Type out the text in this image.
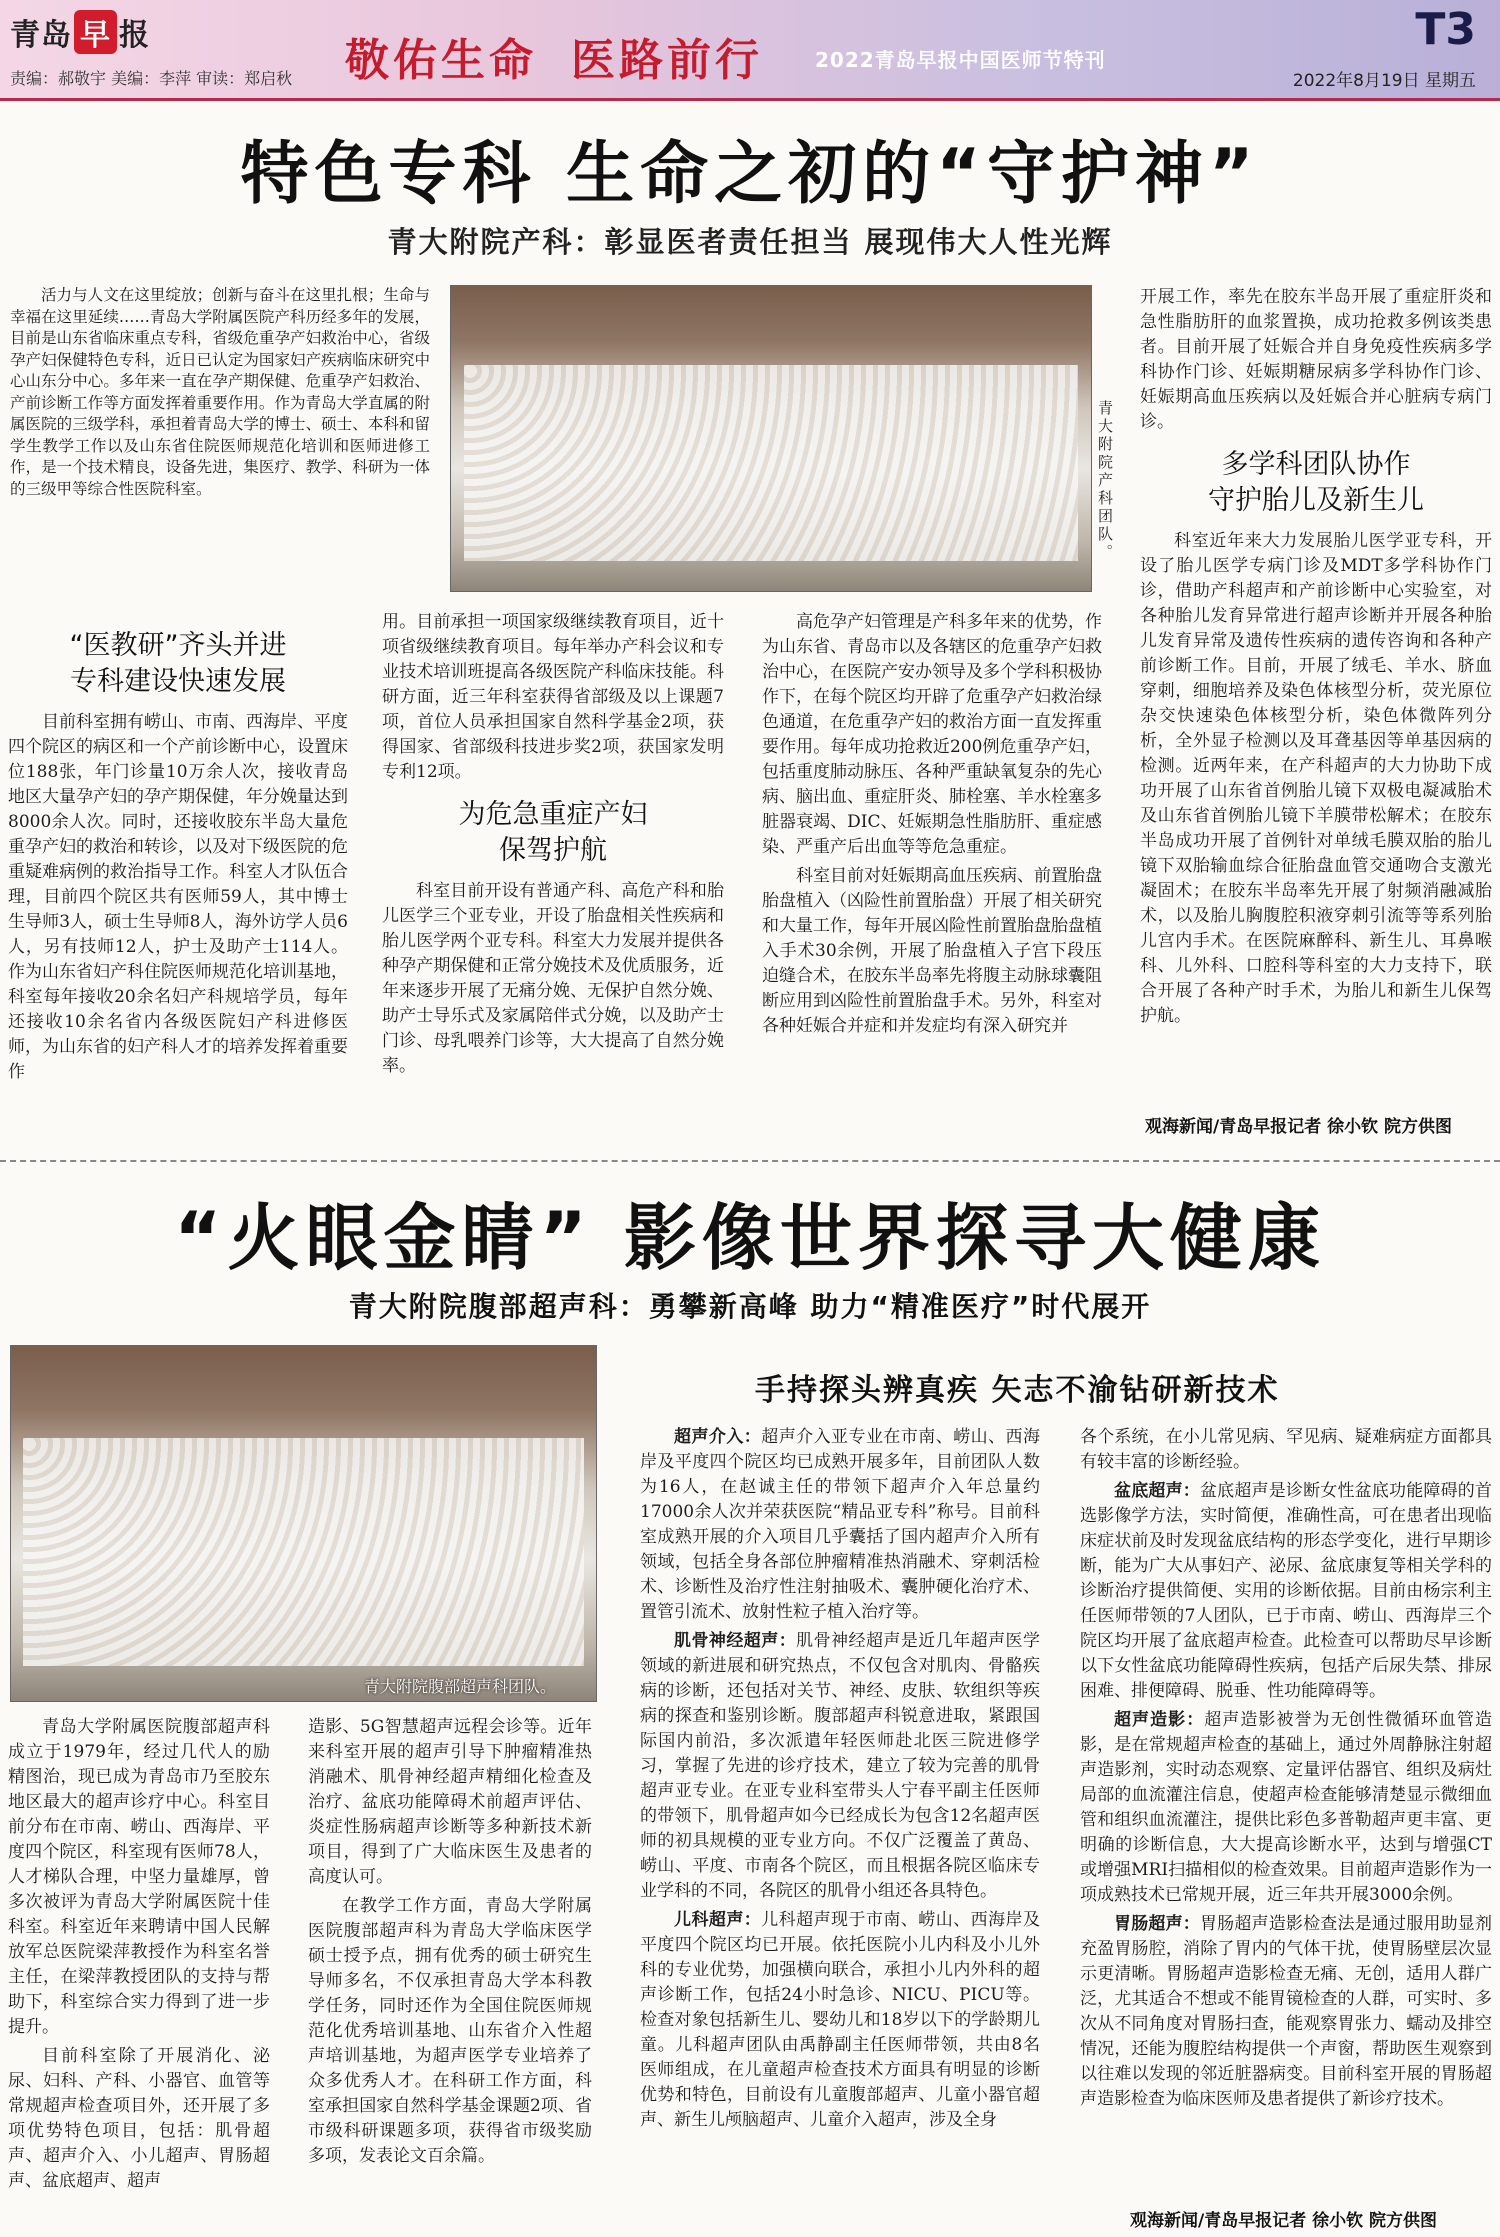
青岛 早 报
责编：郝敬宇 美编：李萍 审读：郑启秋 敬佑生命 医路前行	2022青岛早报中国医师节特刊
T3
2022年8月19日 星期五
特色专科 生命之初的“守护神”
青大附院产科：彰显医者责任担当 展现伟大人性光辉

活力与人文在这里绽放；创新与奋斗在这里扎根；生命与幸福在这里延续……青岛大学附属医院产科历经多年的发展，目前是山东省临床重点专科，省级危重孕产妇救治中心，省级孕产妇保健特色专科，近日已认定为国家妇产疾病临床研究中心山东分中心。多年来一直在孕产期保健、危重孕产妇救治、产前诊断工作等方面发挥着重要作用。作为青岛大学直属的附属医院的三级学科，承担着青岛大学的博士、硕士、本科和留学生教学工作以及山东省住院医师规范化培训和医师进修工作，是一个技术精良，设备先进，集医疗、教学、科研为一体的三级甲等综合性医院科室。	青大附院产科团队。
“医教研”齐头并进
专科建设快速发展

目前科室拥有崂山、市南、西海岸、平度四个院区的病区和一个产前诊断中心，设置床位188张，年门诊量10万余人次，接收青岛地区大量孕产妇的孕产期保健，年分娩量达到8000余人次。同时，还接收胶东半岛大量危重孕产妇的救治和转诊，以及对下级医院的危重疑难病例的救治指导工作。科室人才队伍合理，目前四个院区共有医师59人，其中博士生导师3人，硕士生导师8人，海外访学人员6人，另有技师12人，护士及助产士114人。作为山东省妇产科住院医师规范化培训基地，科室每年接收20余名妇产科规培学员，每年还接收10余名省内各级医院妇产科进修医师，为山东省的妇产科人才的培养发挥着重要作

用。目前承担一项国家级继续教育项目，近十项省级继续教育项目。每年举办产科会议和专业技术培训班提高各级医院产科临床技能。科研方面，近三年科室获得省部级及以上课题7项，首位人员承担国家自然科学基金2项，获得国家、省部级科技进步奖2项，获国家发明专利12项。

为危急重症产妇
保驾护航

科室目前开设有普通产科、高危产科和胎儿医学三个亚专业，开设了胎盘相关性疾病和胎儿医学两个亚专科。科室大力发展并提供各种孕产期保健和正常分娩技术及优质服务，近年来逐步开展了无痛分娩、无保护自然分娩、助产士导乐式及家属陪伴式分娩，以及助产士门诊、母乳喂养门诊等，大大提高了自然分娩率。

高危孕产妇管理是产科多年来的优势，作为山东省、青岛市以及各辖区的危重孕产妇救治中心，在医院产安办领导及多个学科积极协作下，在每个院区均开辟了危重孕产妇救治绿色通道，在危重孕产妇的救治方面一直发挥重要作用。每年成功抢救近200例危重孕产妇，包括重度肺动脉压、各种严重缺氧复杂的先心病、脑出血、重症肝炎、肺栓塞、羊水栓塞多脏器衰竭、DIC、妊娠期急性脂肪肝、重症感染、严重产后出血等等危急重症。

科室目前对妊娠期高血压疾病、前置胎盘胎盘植入（凶险性前置胎盘）开展了相关研究和大量工作，每年开展凶险性前置胎盘胎盘植入手术30余例，开展了胎盘植入子宫下段压迫缝合术，在胶东半岛率先将腹主动脉球囊阻断应用到凶险性前置胎盘手术。另外，科室对各种妊娠合并症和并发症均有深入研究并

开展工作，率先在胶东半岛开展了重症肝炎和急性脂肪肝的血浆置换，成功抢救多例该类患者。目前开展了妊娠合并自身免疫性疾病多学科协作门诊、妊娠期糖尿病多学科协作门诊、妊娠期高血压疾病以及妊娠合并心脏病专病门诊。

多学科团队协作
守护胎儿及新生儿

科室近年来大力发展胎儿医学亚专科，开设了胎儿医学专病门诊及MDT多学科协作门诊，借助产科超声和产前诊断中心实验室，对各种胎儿发育异常进行超声诊断并开展各种胎儿发育异常及遗传性疾病的遗传咨询和各种产前诊断工作。目前，开展了绒毛、羊水、脐血穿刺，细胞培养及染色体核型分析，荧光原位杂交快速染色体核型分析，染色体微阵列分析，全外显子检测以及耳聋基因等单基因病的检测。近两年来，在产科超声的大力协助下成功开展了山东省首例胎儿镜下双极电凝减胎术及山东省首例胎儿镜下羊膜带松解术；在胶东半岛成功开展了首例针对单绒毛膜双胎的胎儿镜下双胎输血综合征胎盘血管交通吻合支激光凝固术；在胶东半岛率先开展了射频消融减胎术，以及胎儿胸腹腔积液穿刺引流等等系列胎儿宫内手术。在医院麻醉科、新生儿、耳鼻喉科、儿外科、口腔科等科室的大力支持下，联合开展了各种产时手术，为胎儿和新生儿保驾护航。

观海新闻/青岛早报记者 徐小钦 院方供图
“火眼金睛” 影像世界探寻大健康
青大附院腹部超声科：勇攀新高峰 助力“精准医疗”时代展开
青大附院腹部超声科团队。
手持探头辨真疾 矢志不渝钻研新技术

青岛大学附属医院腹部超声科成立于1979年，经过几代人的励精图治，现已成为青岛市乃至胶东地区最大的超声诊疗中心。科室目前分布在市南、崂山、西海岸、平度四个院区，科室现有医师78人，人才梯队合理，中坚力量雄厚，曾多次被评为青岛大学附属医院十佳科室。科室近年来聘请中国人民解放军总医院梁萍教授作为科室名誉主任，在梁萍教授团队的支持与帮助下，科室综合实力得到了进一步提升。

目前科室除了开展消化、泌尿、妇科、产科、小器官、血管等常规超声检查项目外，还开展了多项优势特色项目，包括：肌骨超声、超声介入、小儿超声、胃肠超声、盆底超声、超声

造影、5G智慧超声远程会诊等。近年来科室开展的超声引导下肿瘤精准热消融术、肌骨神经超声精细化检查及治疗、盆底功能障碍术前超声评估、炎症性肠病超声诊断等多种新技术新项目，得到了广大临床医生及患者的高度认可。

在教学工作方面，青岛大学附属医院腹部超声科为青岛大学临床医学硕士授予点，拥有优秀的硕士研究生导师多名，不仅承担青岛大学本科教学任务，同时还作为全国住院医师规范化优秀培训基地、山东省介入性超声培训基地，为超声医学专业培养了众多优秀人才。在科研工作方面，科室承担国家自然科学基金课题2项、省市级科研课题多项，获得省市级奖励多项，发表论文百余篇。

超声介入：超声介入亚专业在市南、崂山、西海岸及平度四个院区均已成熟开展多年，目前团队人数为16人，在赵诚主任的带领下超声介入年总量约17000余人次并荣获医院“精品亚专科”称号。目前科室成熟开展的介入项目几乎囊括了国内超声介入所有领域，包括全身各部位肿瘤精准热消融术、穿刺活检术、诊断性及治疗性注射抽吸术、囊肿硬化治疗术、置管引流术、放射性粒子植入治疗等。

肌骨神经超声：肌骨神经超声是近几年超声医学领域的新进展和研究热点，不仅包含对肌肉、骨骼疾病的诊断，还包括对关节、神经、皮肤、软组织等疾病的探查和鉴别诊断。腹部超声科锐意进取，紧跟国际国内前沿，多次派遣年轻医师赴北医三院进修学习，掌握了先进的诊疗技术，建立了较为完善的肌骨超声亚专业。在亚专业科室带头人宁春平副主任医师的带领下，肌骨超声如今已经成长为包含12名超声医师的初具规模的亚专业方向。不仅广泛覆盖了黄岛、崂山、平度、市南各个院区，而且根据各院区临床专业学科的不同，各院区的肌骨小组还各具特色。

儿科超声：儿科超声现于市南、崂山、西海岸及平度四个院区均已开展。依托医院小儿内科及小儿外科的专业优势，加强横向联合，承担小儿内外科的超声诊断工作，包括24小时急诊、NICU、PICU等。检查对象包括新生儿、婴幼儿和18岁以下的学龄期儿童。儿科超声团队由禹静副主任医师带领，共由8名医师组成，在儿童超声检查技术方面具有明显的诊断优势和特色，目前设有儿童腹部超声、儿童小器官超声、新生儿颅脑超声、儿童介入超声，涉及全身

各个系统，在小儿常见病、罕见病、疑难病症方面都具有较丰富的诊断经验。

盆底超声：盆底超声是诊断女性盆底功能障碍的首选影像学方法，实时简便，准确性高，可在患者出现临床症状前及时发现盆底结构的形态学变化，进行早期诊断，能为广大从事妇产、泌尿、盆底康复等相关学科的诊断治疗提供简便、实用的诊断依据。目前由杨宗利主任医师带领的7人团队，已于市南、崂山、西海岸三个院区均开展了盆底超声检查。此检查可以帮助尽早诊断以下女性盆底功能障碍性疾病，包括产后尿失禁、排尿困难、排便障碍、脱垂、性功能障碍等。

超声造影：超声造影被誉为无创性微循环血管造影，是在常规超声检查的基础上，通过外周静脉注射超声造影剂，实时动态观察、定量评估器官、组织及病灶局部的血流灌注信息，使超声检查能够清楚显示微细血管和组织血流灌注，提供比彩色多普勒超声更丰富、更明确的诊断信息，大大提高诊断水平，达到与增强CT或增强MRI扫描相似的检查效果。目前超声造影作为一项成熟技术已常规开展，近三年共开展3000余例。

胃肠超声：胃肠超声造影检查法是通过服用助显剂充盈胃肠腔，消除了胃内的气体干扰，使胃肠壁层次显示更清晰。胃肠超声造影检查无痛、无创，适用人群广泛，尤其适合不想或不能胃镜检查的人群，可实时、多次从不同角度对胃肠扫查，能观察胃张力、蠕动及排空情况，还能为腹腔结构提供一个声窗，帮助医生观察到以往难以发现的邻近脏器病变。目前科室开展的胃肠超声造影检查为临床医师及患者提供了新诊疗技术。

观海新闻/青岛早报记者 徐小钦 院方供图
